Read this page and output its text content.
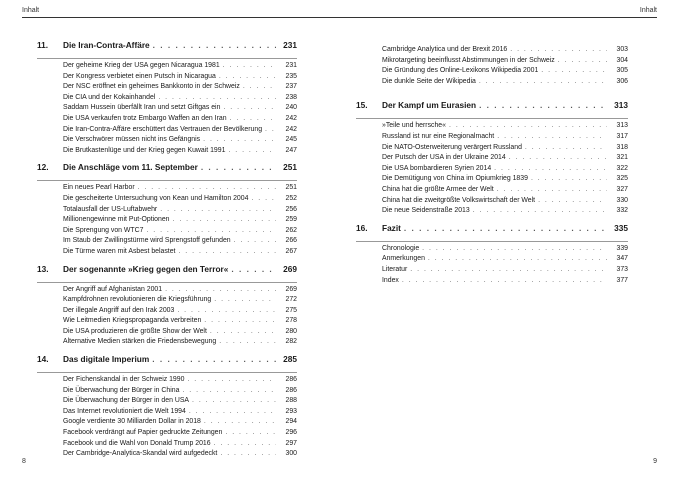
Inhalt
11.	Die Iran-Contra-Affäre . . .	231
Der geheime Krieg der USA gegen Nicaragua 1981 . . .	231
Der Kongress verbietet einen Putsch in Nicaragua . . .	235
Der NSC eröffnet ein geheimes Bankkonto in der Schweiz . . .	237
Die CIA und der Kokainhandel . . .	238
Saddam Hussein überfällt Iran und setzt Giftgas ein . . .	240
Die USA verkaufen trotz Embargo Waffen an den Iran . . .	242
Die Iran-Contra-Affäre erschüttert das Vertrauen der Bevölkerung . . .	242
Die Verschwörer müssen nicht ins Gefängnis . . .	245
Die Brutkastenlüge und der Krieg gegen Kuwait 1991 . . .	247
12.	Die Anschläge vom 11. September . . .	251
Ein neues Pearl Harbor . . .	251
Die gescheiterte Untersuchung von Kean und Hamilton 2004 . . .	252
Totalausfall der US-Luftabwehr . . .	256
Millionengewinne mit Put-Optionen . . .	259
Die Sprengung von WTC7 . . .	262
Im Staub der Zwillingstürme wird Sprengstoff gefunden . . .	266
Die Türme waren mit Asbest belastet . . .	267
13.	Der sogenannte »Krieg gegen den Terror« . . .	269
Der Angriff auf Afghanistan 2001 . . .	269
Kampfdrohnen revolutionieren die Kriegsführung . . .	272
Der illegale Angriff auf den Irak 2003 . . .	275
Wie Leitmedien Kriegspropaganda verbreiten . . .	278
Die USA produzieren die größte Show der Welt . . .	280
Alternative Medien stärken die Friedensbewegung . . .	282
14.	Das digitale Imperium . . .	285
Der Fichenskandal in der Schweiz 1990 . . .	286
Die Überwachung der Bürger in China . . .	286
Die Überwachung der Bürger in den USA . . .	288
Das Internet revolutioniert die Welt 1994 . . .	293
Google verdiente 30 Milliarden Dollar in 2018 . . .	294
Facebook verdrängt auf Papier gedruckte Zeitungen . . .	296
Facebook und die Wahl von Donald Trump 2016 . . .	297
Der Cambridge-Analytica-Skandal wird aufgedeckt . . .	300
8
Inhalt
Cambridge Analytica und der Brexit 2016 . . .	303
Mikrotargeting beeinflusst Abstimmungen in der Schweiz . . .	304
Die Gründung des Online-Lexikons Wikipedia 2001 . . .	305
Die dunkle Seite der Wikipedia . . .	306
15.	Der Kampf um Eurasien . . .	313
»Teile und herrsche« . . .	313
Russland ist nur eine Regionalmacht . . .	317
Die NATO-Osterweiterung verärgert Russland . . .	318
Der Putsch der USA in der Ukraine 2014 . . .	321
Die USA bombardieren Syrien 2014 . . .	322
Die Demütigung von China im Opiumkrieg 1839 . . .	325
China hat die größte Armee der Welt . . .	327
China hat die zweitgrößte Volkswirtschaft der Welt . . .	330
Die neue Seidenstraße 2013 . . .	332
16.	Fazit . . .	335
Chronologie . . .	339
Anmerkungen . . .	347
Literatur . . .	373
Index . . .	377
9
